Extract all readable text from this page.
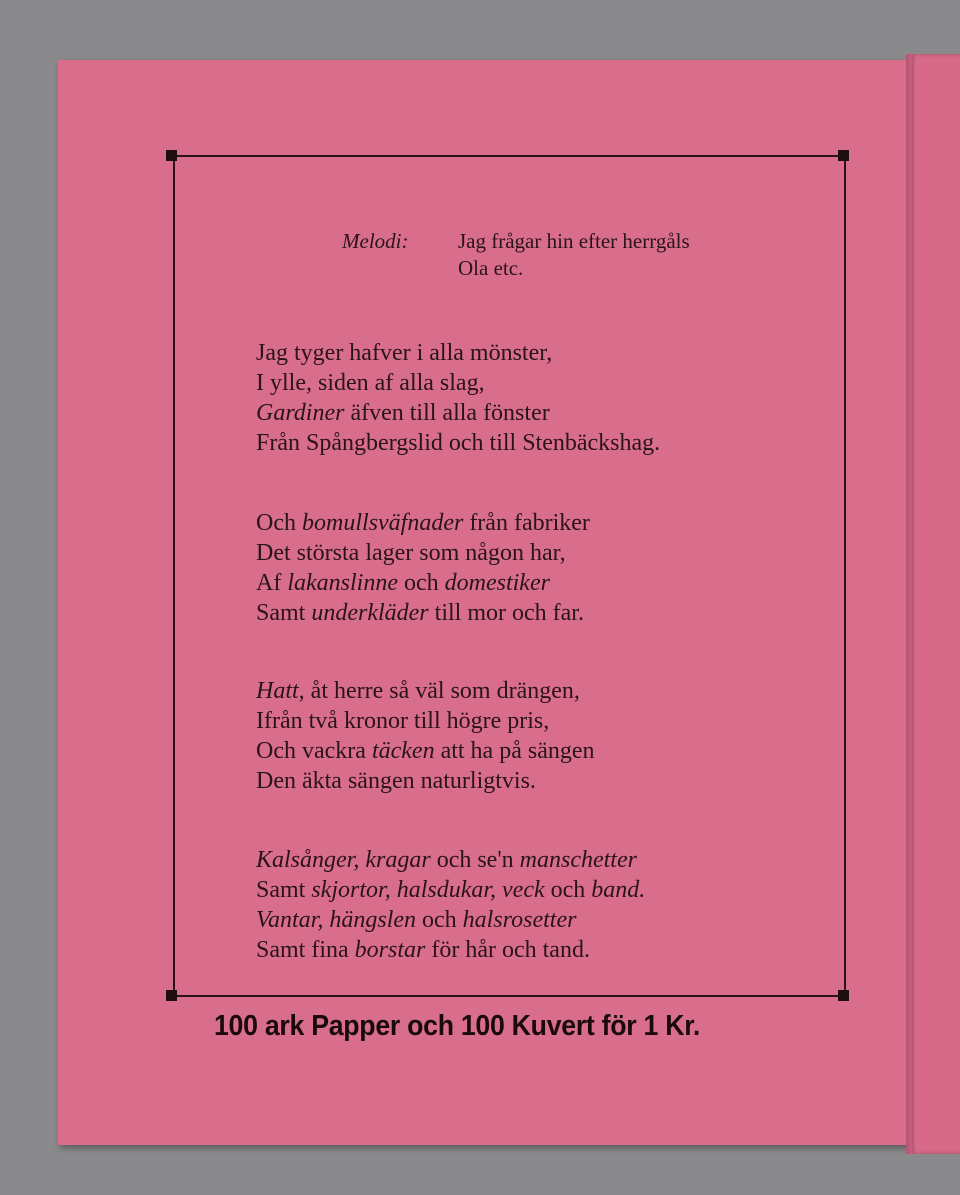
Melodi: Jag frågar hin efter herrgåls
Ola etc.
Jag tyger hafver i alla mönster,
I ylle, siden af alla slag,
Gardiner äfven till alla fönster
Från Spångbergslid och till Stenbäckshag.
Och bomullsväfnader från fabriker
Det största lager som någon har,
Af lakanslinne och domestiker
Samt underkläder till mor och far.
Hatt, åt herre så väl som drängen,
Ifrån två kronor till högre pris,
Och vackra täcken att ha på sängen
Den äkta sängen naturligtvis.
Kalsånger, kragar och se'n manschetter
Samt skjortor, halsdukar, veck och band.
Vantar, hängslen och halsrosetter
Samt fina borstar för hår och tand.
100 ark Papper och 100 Kuvert för 1 Kr.
